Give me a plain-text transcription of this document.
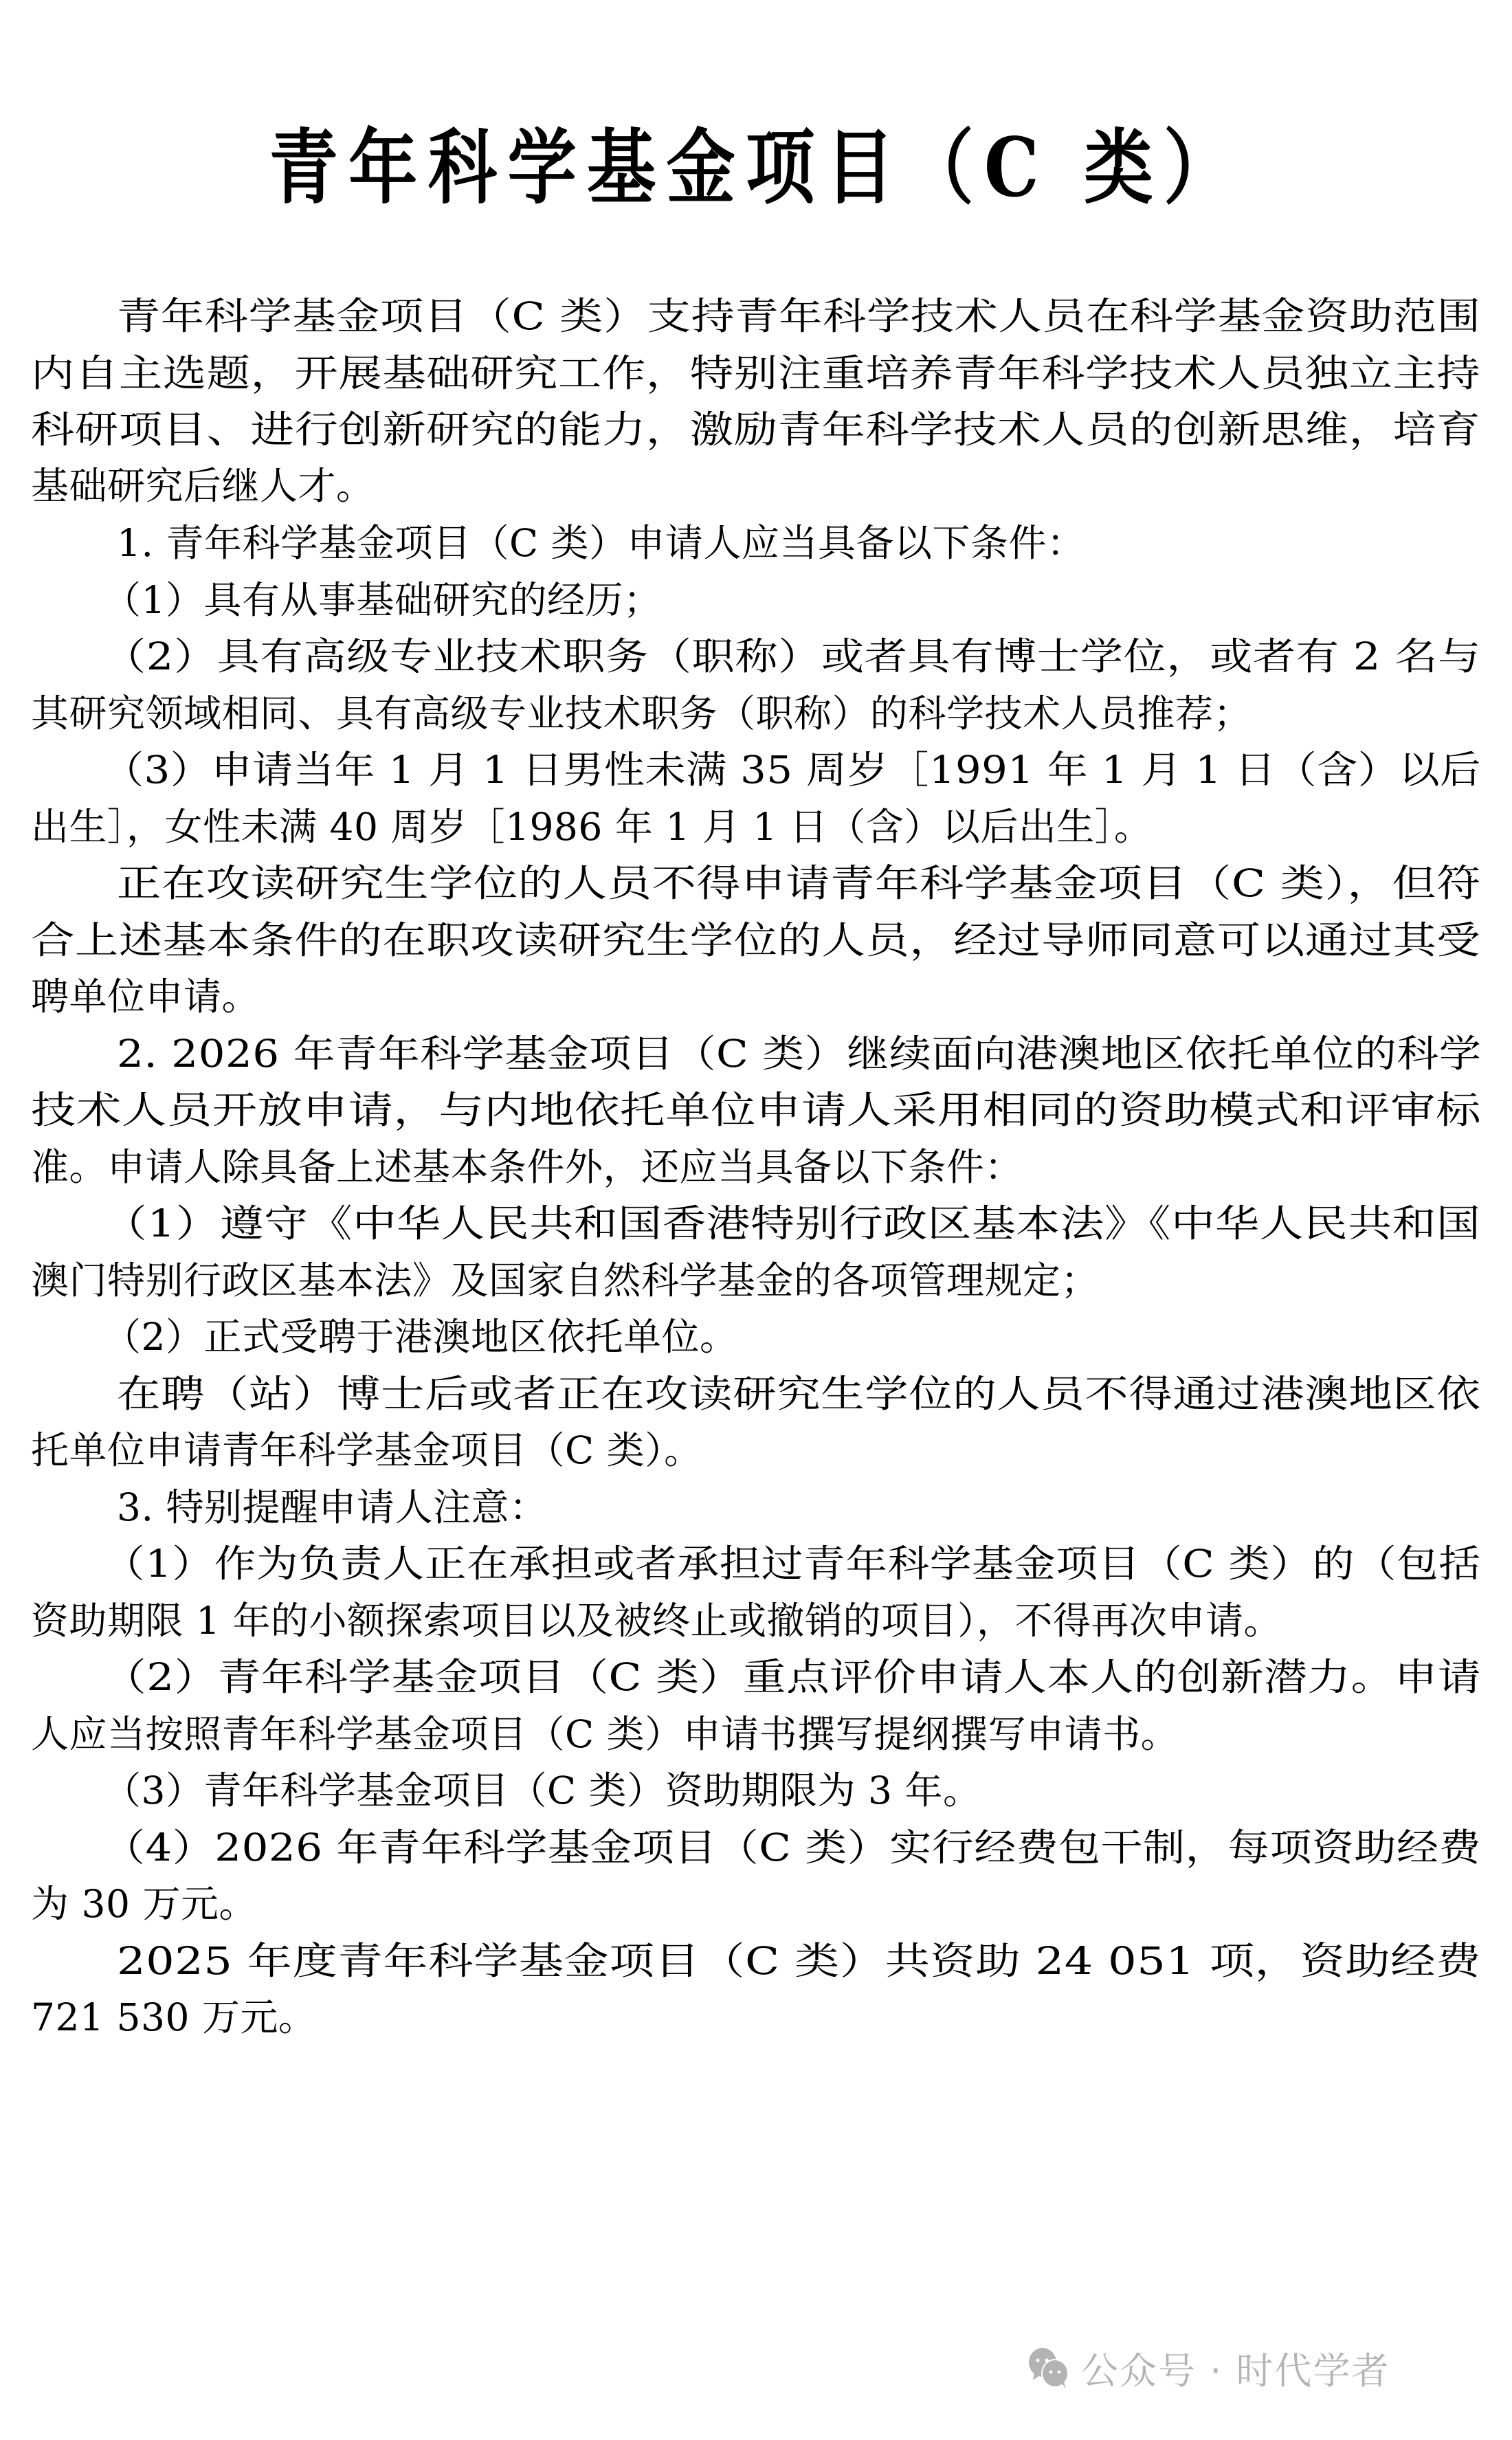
青年科学基金项目（C 类）
青年科学基金项目（C 类）支持青年科学技术人员在科学基金资助范围
内自主选题，开展基础研究工作，特别注重培养青年科学技术人员独立主持
科研项目、进行创新研究的能力，激励青年科学技术人员的创新思维，培育
基础研究后继人才。
1. 青年科学基金项目（C 类）申请人应当具备以下条件：
（1）具有从事基础研究的经历；
（2）具有高级专业技术职务（职称）或者具有博士学位，或者有 2 名与
其研究领域相同、具有高级专业技术职务（职称）的科学技术人员推荐；
（3）申请当年 1 月 1 日男性未满 35 周岁［1991 年 1 月 1 日（含）以后
出生］，女性未满 40 周岁［1986 年 1 月 1 日（含）以后出生］。
正在攻读研究生学位的人员不得申请青年科学基金项目（C 类），但符
合上述基本条件的在职攻读研究生学位的人员，经过导师同意可以通过其受
聘单位申请。
2. 2026 年青年科学基金项目（C 类）继续面向港澳地区依托单位的科学
技术人员开放申请，与内地依托单位申请人采用相同的资助模式和评审标
准。申请人除具备上述基本条件外，还应当具备以下条件：
（1）遵守《中华人民共和国香港特别行政区基本法》《中华人民共和国
澳门特别行政区基本法》及国家自然科学基金的各项管理规定；
（2）正式受聘于港澳地区依托单位。
在聘（站）博士后或者正在攻读研究生学位的人员不得通过港澳地区依
托单位申请青年科学基金项目（C 类）。
3. 特别提醒申请人注意：
（1）作为负责人正在承担或者承担过青年科学基金项目（C 类）的（包括
资助期限 1 年的小额探索项目以及被终止或撤销的项目），不得再次申请。
（2）青年科学基金项目（C 类）重点评价申请人本人的创新潜力。申请
人应当按照青年科学基金项目（C 类）申请书撰写提纲撰写申请书。
（3）青年科学基金项目（C 类）资助期限为 3 年。
（4）2026 年青年科学基金项目（C 类）实行经费包干制，每项资助经费
为 30 万元。
2025 年度青年科学基金项目（C 类）共资助 24 051 项，资助经费
721 530 万元。
公众号 · 时代学者
